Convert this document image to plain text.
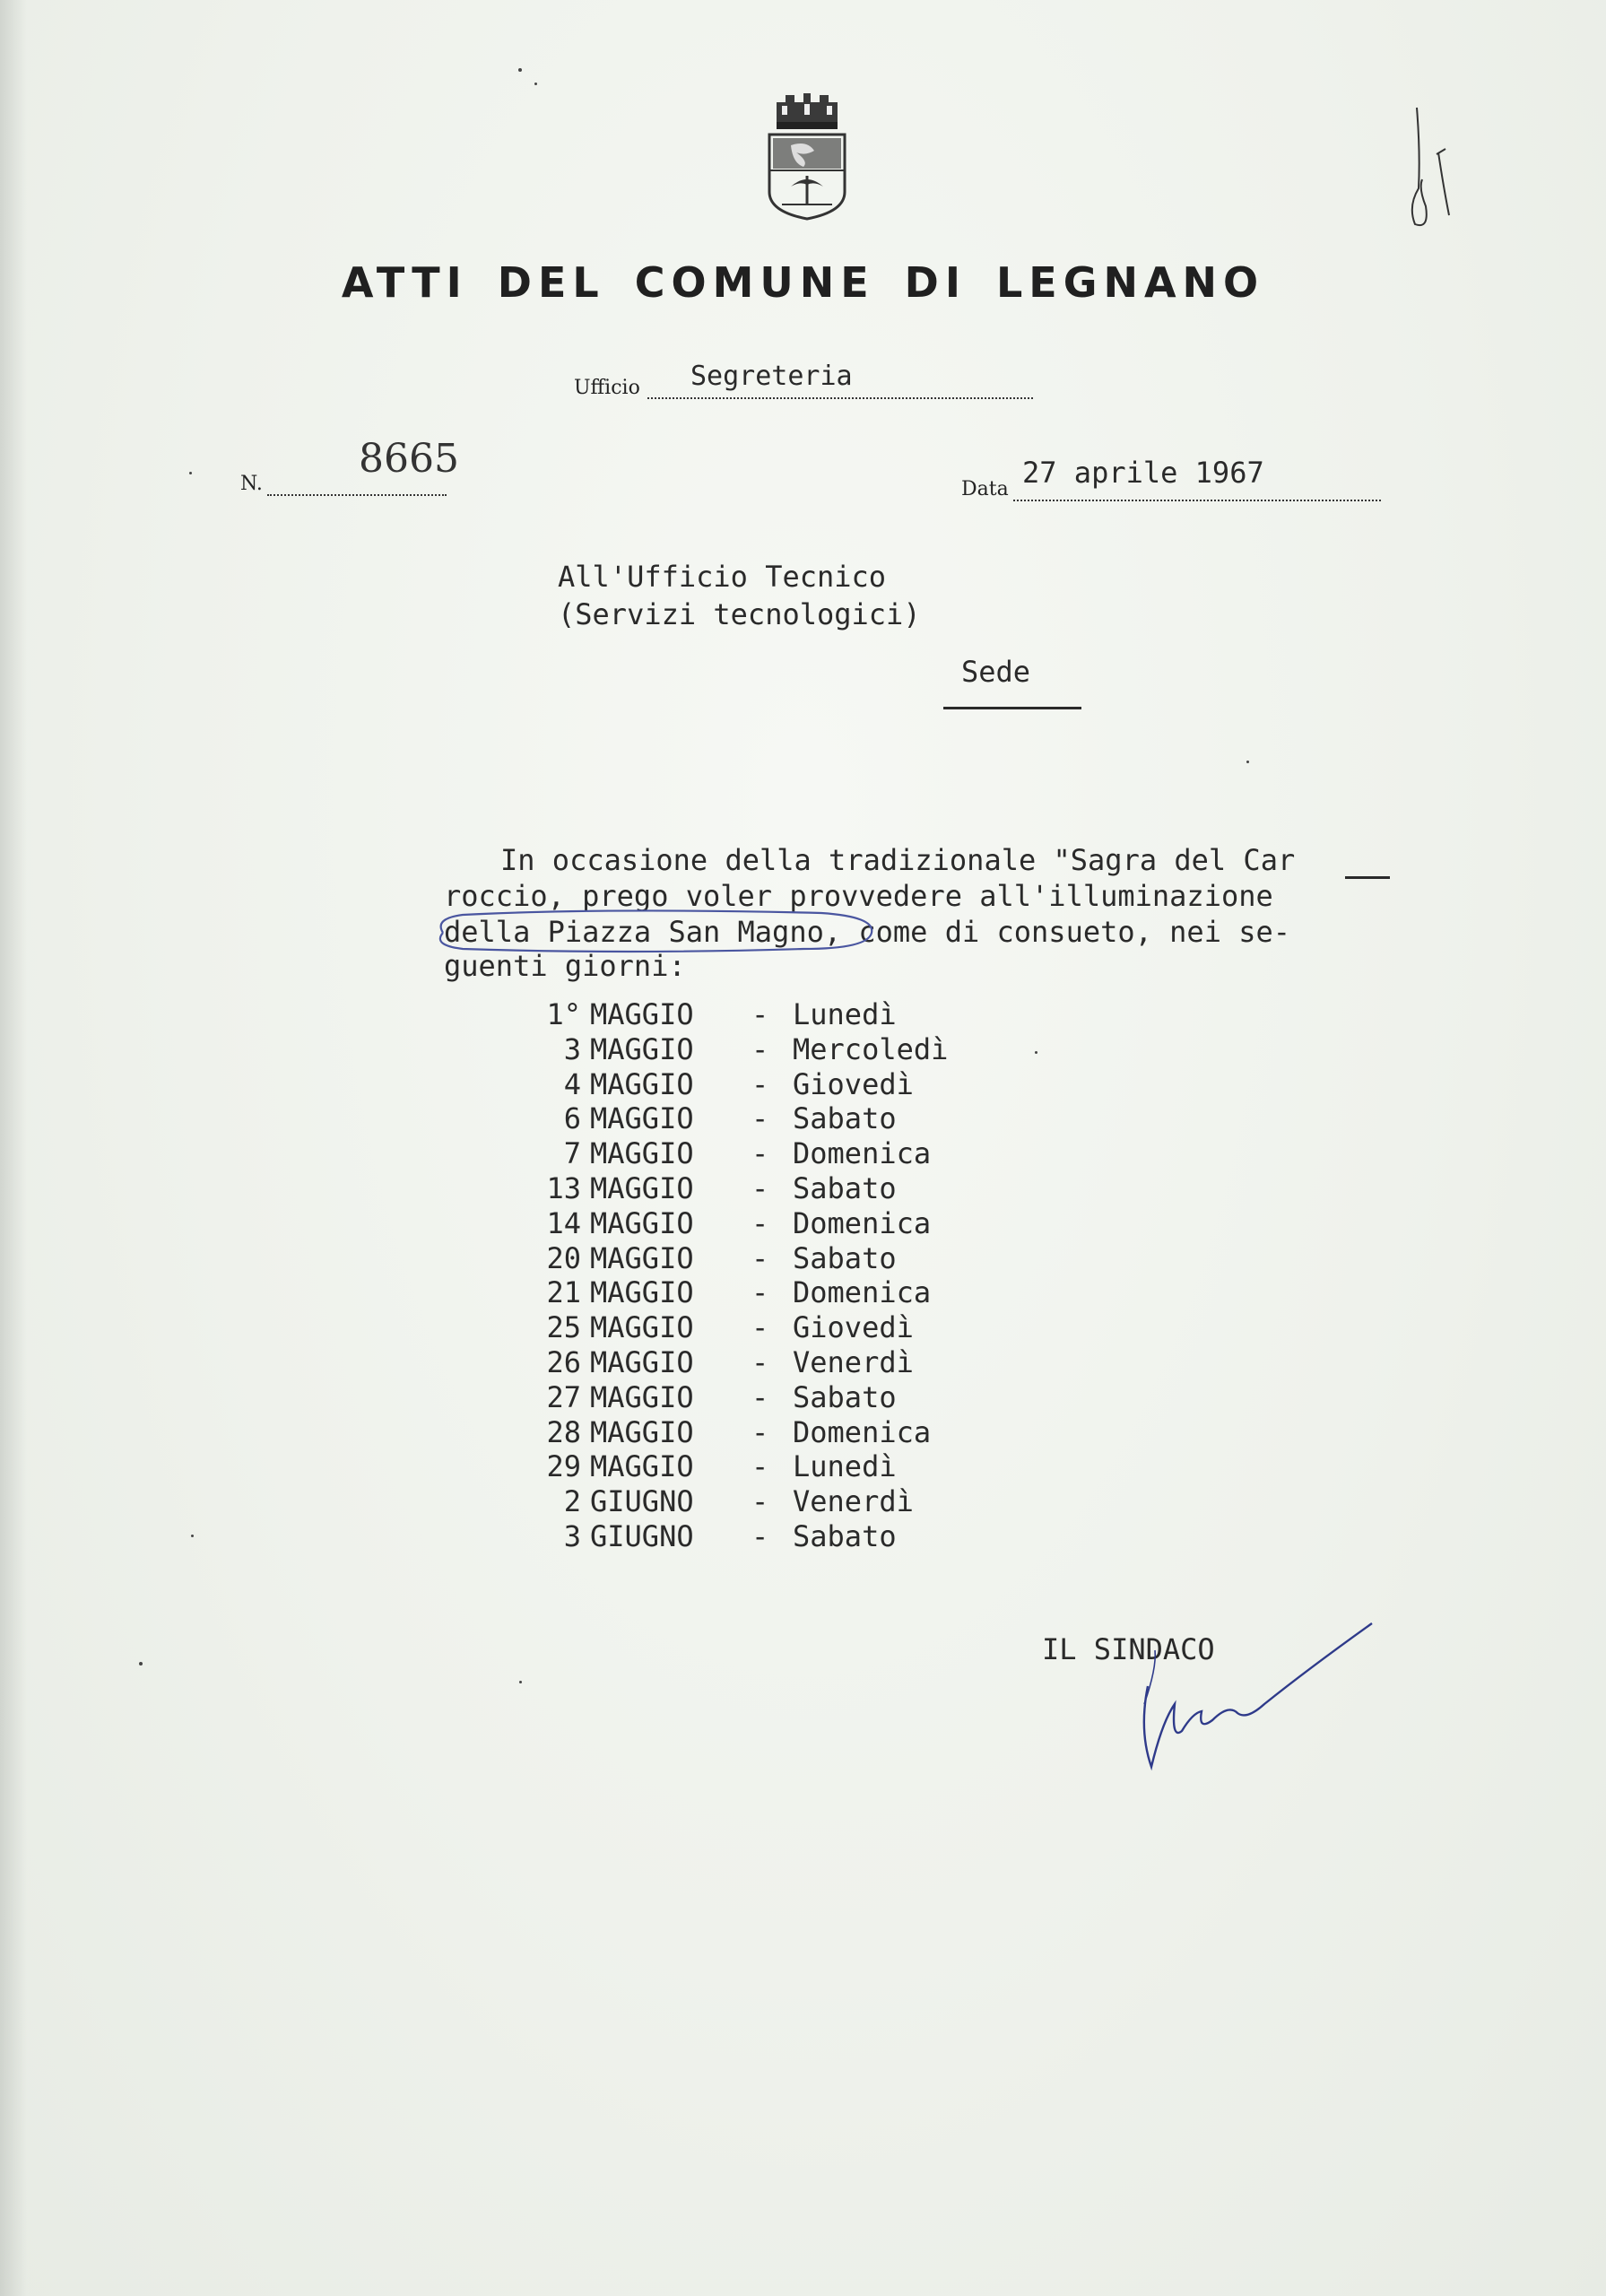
ATTI DEL COMUNE DI LEGNANO
Ufficio Segreteria
N.
8665
Data 27 aprile 1967
All'Ufficio Tecnico
(Servizi tecnologici)
Sede
In occasione della tradizionale "Sagra del Car
roccio, prego voler provvedere all'illuminazione
della Piazza San Magno, come di consueto, nei se-
guenti giorni:
1° MAGGIO	- Lunedì
3 MAGGIO	- Mercoledì
4 MAGGIO	- Giovedì
6 MAGGIO	- Sabato
7 MAGGIO	- Domenica
13 MAGGIO	- Sabato
14 MAGGIO	- Domenica
20 MAGGIO	- Sabato
21 MAGGIO	- Domenica
25 MAGGIO	- Giovedì
26 MAGGIO	- Venerdì
27 MAGGIO	- Sabato
28 MAGGIO	- Domenica
29 MAGGIO	- Lunedì
2 GIUGNO	- Venerdì
3 GIUGNO	- Sabato
IL SINDACO
